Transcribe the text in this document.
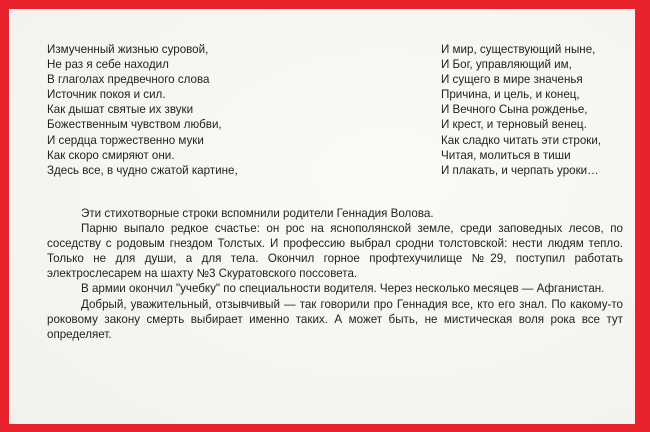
Измученный жизнью суровой,
Не раз я себе находил
В глаголах предвечного слова
Источник покоя и сил.
Как дышат святые их звуки
Божественным чувством любви,
И сердца торжественно муки
Как скоро смиряют они.
Здесь все, в чудно сжатой картине,
И мир, существующий ныне,
И Бог, управляющий им,
И сущего в мире значенья
Причина, и цель, и конец,
И Вечного Сына рожденье,
И крест, и терновый венец.
Как сладко читать эти строки,
Читая, молиться в тиши
И плакать, и черпать уроки…

Эти стихотворные строки вспомнили родители Геннадия Волова.

Парню выпало редкое счастье: он рос на яснополянской земле, среди заповедных лесов, по соседству с родовым гнездом Толстых. И профессию выбрал сродни толстовской: нести людям тепло. Только не для души, а для тела. Окончил горное профтехучилище №29, поступил работать электрослесарем на шахту №3 Скуратовского поссовета.

В армии окончил "учебку" по специальности водителя. Через несколько месяцев — Афганистан.

Добрый, уважительный, отзывчивый — так говорили про Геннадия все, кто его знал. По какому-то роковому закону смерть выбирает именно таких. А может быть, не мистическая воля рока все тут определяет.
